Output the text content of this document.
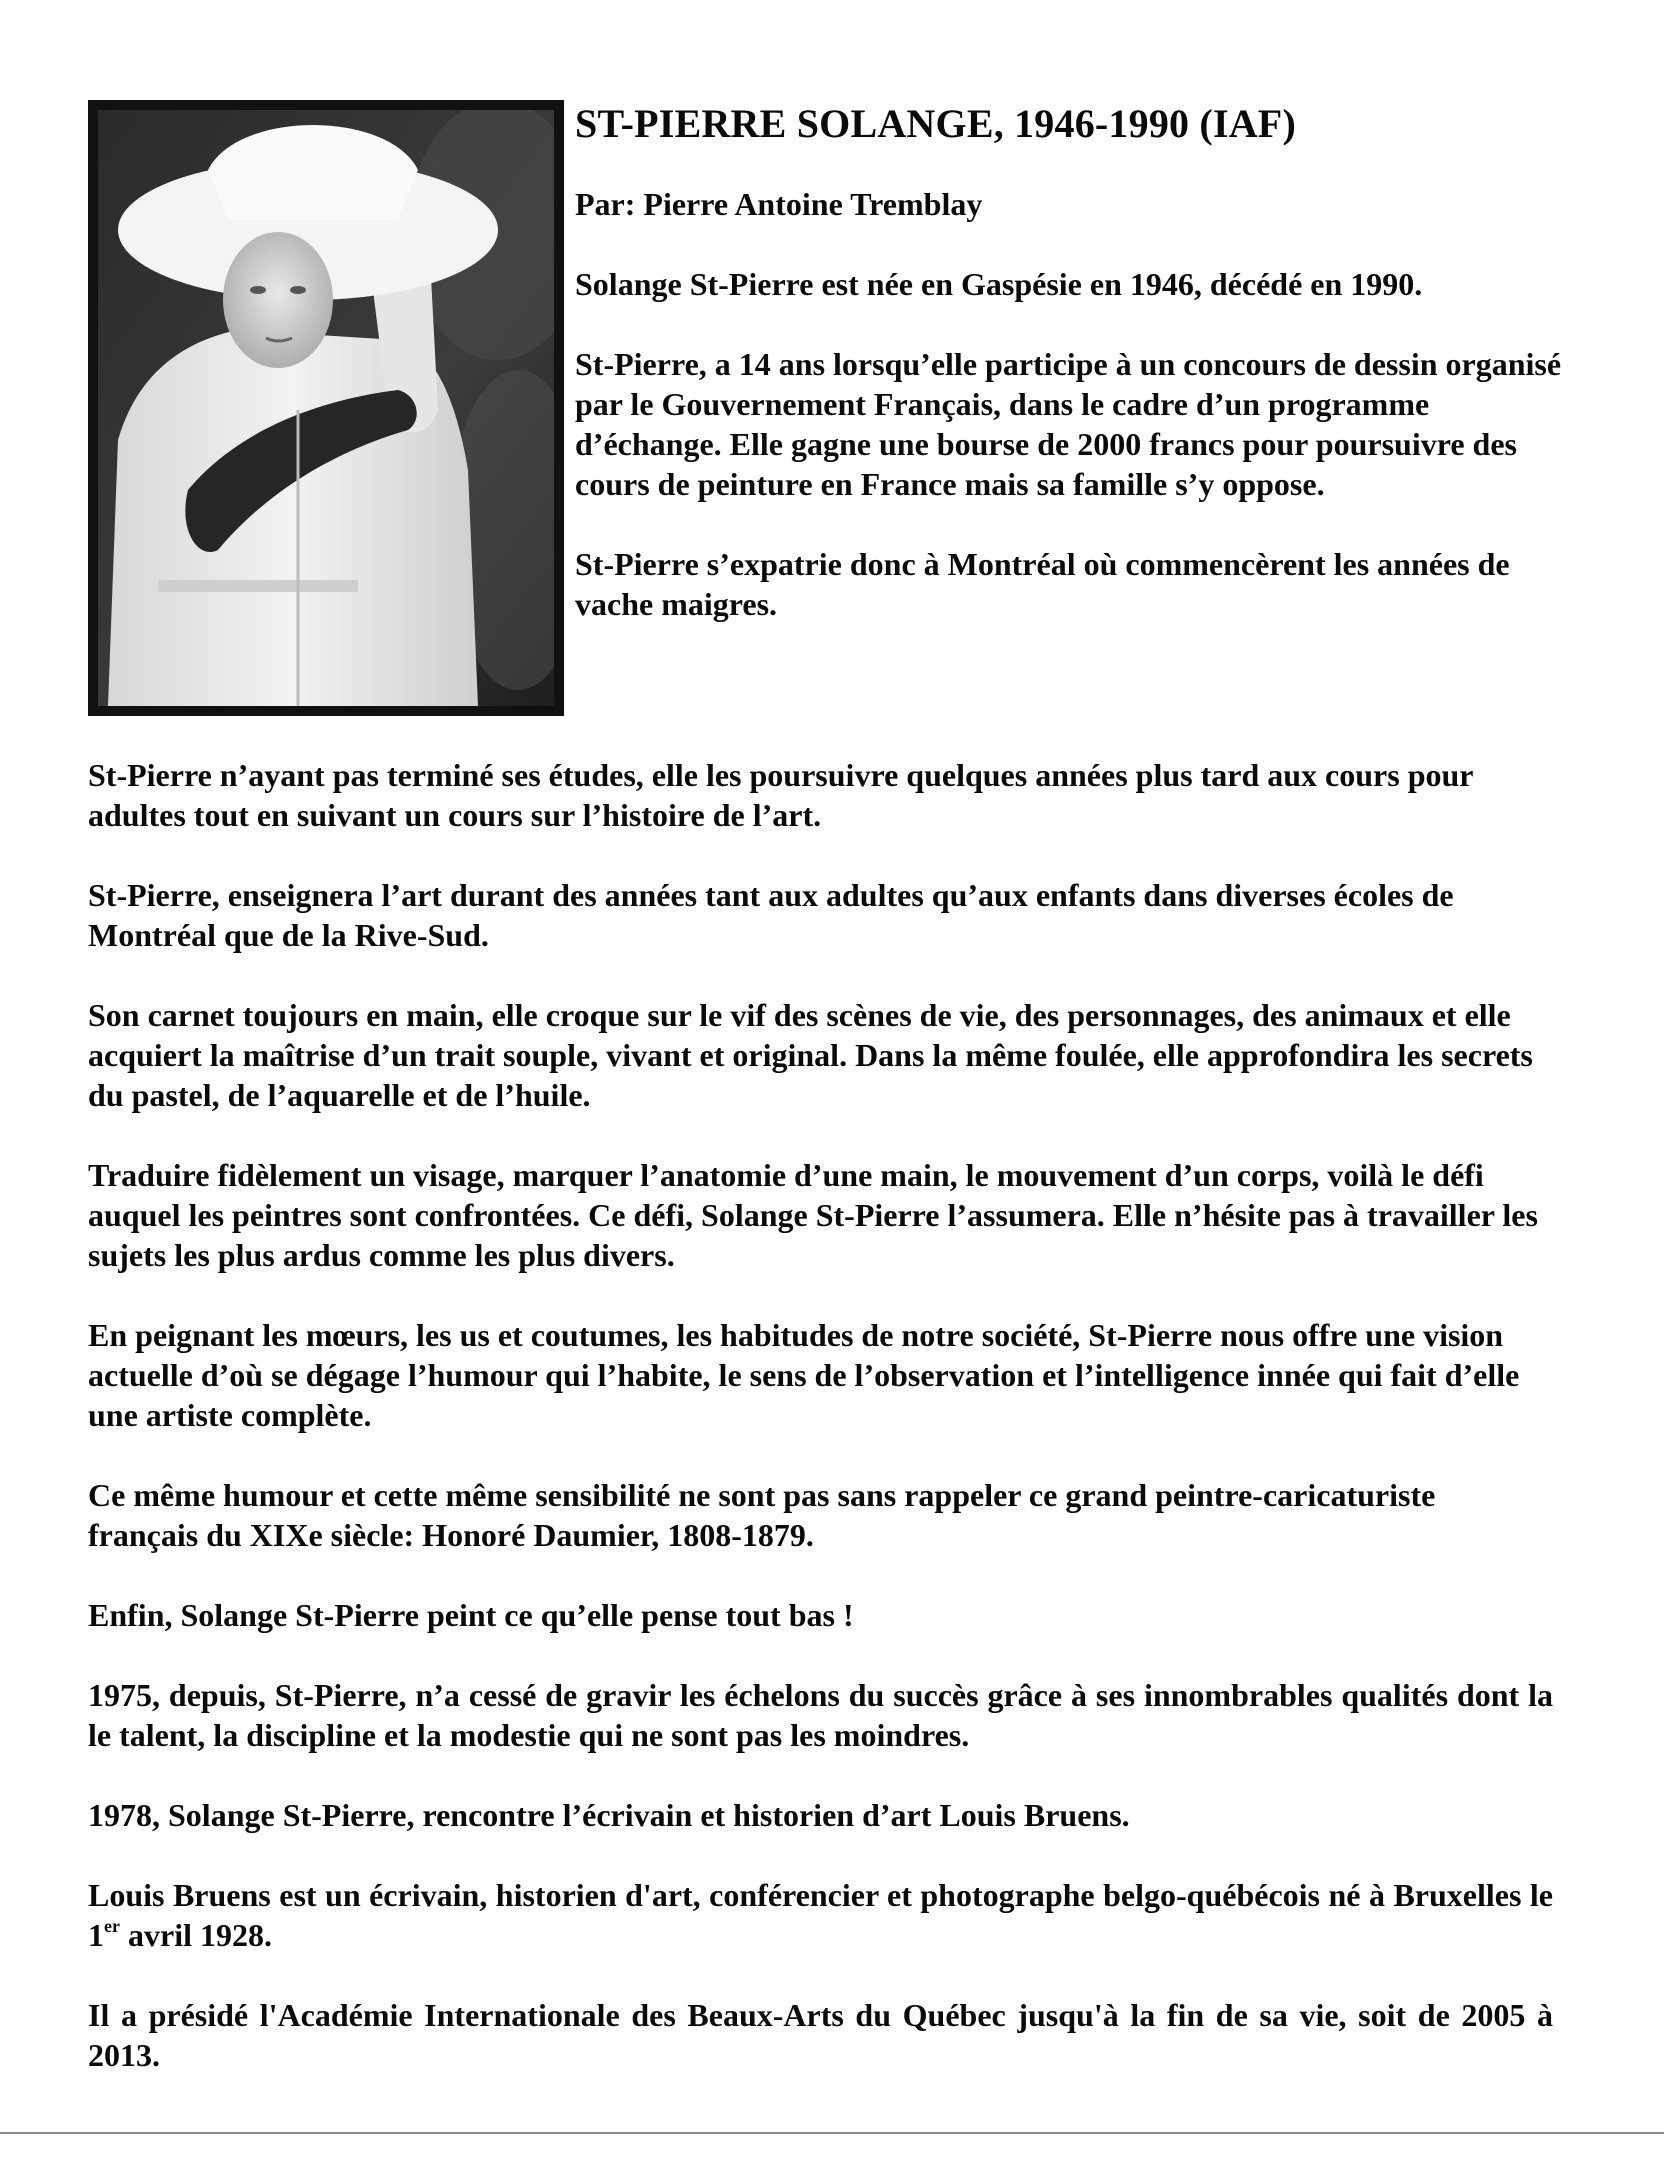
ST-PIERRE SOLANGE, 1946-1990 (IAF)

Par: Pierre Antoine Tremblay

Solange St-Pierre est née en Gaspésie en 1946, décédé en 1990.

St-Pierre, a 14 ans lorsqu’elle participe à un concours de dessin organisé par le Gouvernement Français, dans le cadre d’un programme d’échange. Elle gagne une bourse de 2000 francs pour poursuivre des cours de peinture en France mais sa famille s’y oppose.

St-Pierre s’expatrie donc à Montréal où commencèrent les années de vache maigres.

St-Pierre n’ayant pas terminé ses études, elle les poursuivre quelques années plus tard aux cours pour adultes tout en suivant un cours sur l’histoire de l’art.

St-Pierre, enseignera l’art durant des années tant aux adultes qu’aux enfants dans diverses écoles de Montréal que de la Rive-Sud.

Son carnet toujours en main, elle croque sur le vif des scènes de vie, des personnages, des animaux et elle acquiert la maîtrise d’un trait souple, vivant et original. Dans la même foulée, elle approfondira les secrets du pastel, de l’aquarelle et de l’huile.

Traduire fidèlement un visage, marquer l’anatomie d’une main, le mouvement d’un corps, voilà le défi auquel les peintres sont confrontées. Ce défi, Solange St-Pierre l’assumera. Elle n’hésite pas à travailler les sujets les plus ardus comme les plus divers.

En peignant les mœurs, les us et coutumes, les habitudes de notre société, St-Pierre nous offre une vision actuelle d’où se dégage l’humour qui l’habite, le sens de l’observation et l’intelligence innée qui fait d’elle une artiste complète.

Ce même humour et cette même sensibilité ne sont pas sans rappeler ce grand peintre-caricaturiste français du XIXe siècle: Honoré Daumier, 1808-1879.

Enfin, Solange St-Pierre peint ce qu’elle pense tout bas !

1975, depuis, St-Pierre, n’a cessé de gravir les échelons du succès grâce à ses innombrables qualités dont la le talent, la discipline et la modestie qui ne sont pas les moindres.

1978, Solange St-Pierre, rencontre l’écrivain et historien d’art Louis Bruens.

Louis Bruens est un écrivain, historien d'art, conférencier et photographe belgo-québécois né à Bruxelles le 1er avril 1928.

Il a présidé l'Académie Internationale des Beaux-Arts du Québec jusqu'à la fin de sa vie, soit de 2005 à 2013.
